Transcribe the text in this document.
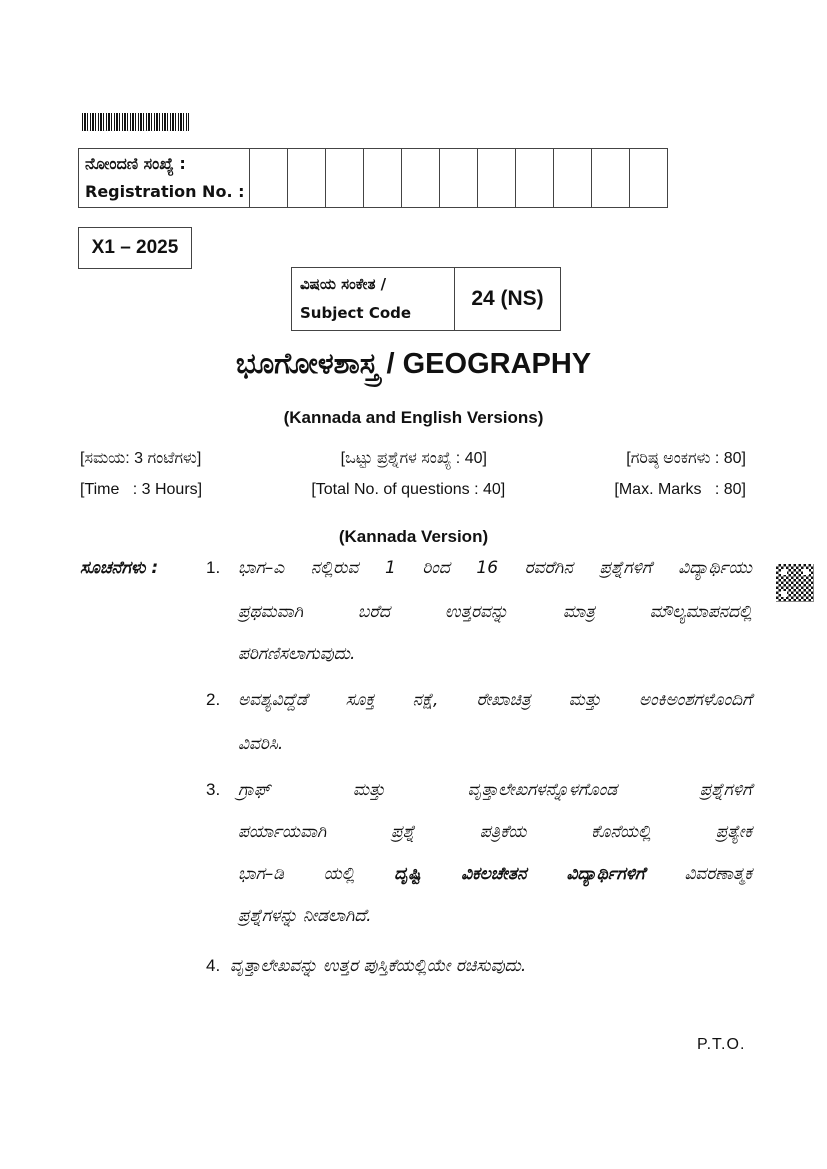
ನೋಂದಣಿ ಸಂಖ್ಯೆ :
Registration No. :

X1 – 2025
ವಿಷಯ ಸಂಕೇತ /
Subject Code
	24 (NS)
ಭೂಗೋಳಶಾಸ್ತ್ರ / GEOGRAPHY
(Kannada and English Versions)
[ಸಮಯ: 3 ಗಂಟೆಗಳು]	[ಒಟ್ಟು ಪ್ರಶ್ನೆಗಳ ಸಂಖ್ಯೆ : 40]	[ಗರಿಷ್ಠ ಅಂಕಗಳು : 80]
[Time   : 3 Hours]	[Total No. of questions : 40]	[Max. Marks   : 80]
(Kannada Version)
ಸೂಚನೆಗಳು :	1. ಭಾಗ–ಎ ನಲ್ಲಿರುವ 1 ರಿಂದ 16 ರವರೆಗಿನ ಪ್ರಶ್ನೆಗಳಿಗೆ ವಿದ್ಯಾರ್ಥಿಯು
ಪ್ರಥಮವಾಗಿ ಬರೆದ ಉತ್ತರವನ್ನು ಮಾತ್ರ ಮೌಲ್ಯಮಾಪನದಲ್ಲಿ
ಪರಿಗಣಿಸಲಾಗುವುದು.
2. ಅವಶ್ಯವಿದ್ದೆಡೆ ಸೂಕ್ತ ನಕ್ಷೆ, ರೇಖಾಚಿತ್ರ ಮತ್ತು ಅಂಕಿಅಂಶಗಳೊಂದಿಗೆ
ವಿವರಿಸಿ.
3. ಗ್ರಾಫ್ ಮತ್ತು ವೃತ್ತಾಲೇಖಗಳನ್ನೊಳಗೊಂಡ ಪ್ರಶ್ನೆಗಳಿಗೆ
ಪರ್ಯಾಯವಾಗಿ ಪ್ರಶ್ನೆ ಪತ್ರಿಕೆಯ ಕೊನೆಯಲ್ಲಿ ಪ್ರತ್ಯೇಕ
ಭಾಗ–ಡಿ ಯಲ್ಲಿ ದೃಷ್ಟಿ ವಿಕಲಚೇತನ ವಿದ್ಯಾರ್ಥಿಗಳಿಗೆ ವಿವರಣಾತ್ಮಕ
ಪ್ರಶ್ನೆಗಳನ್ನು ನೀಡಲಾಗಿದೆ.
4. ವೃತ್ತಾಲೇಖವನ್ನು ಉತ್ತರ ಪುಸ್ತಿಕೆಯಲ್ಲಿಯೇ ರಚಿಸುವುದು.
P.T.O.
